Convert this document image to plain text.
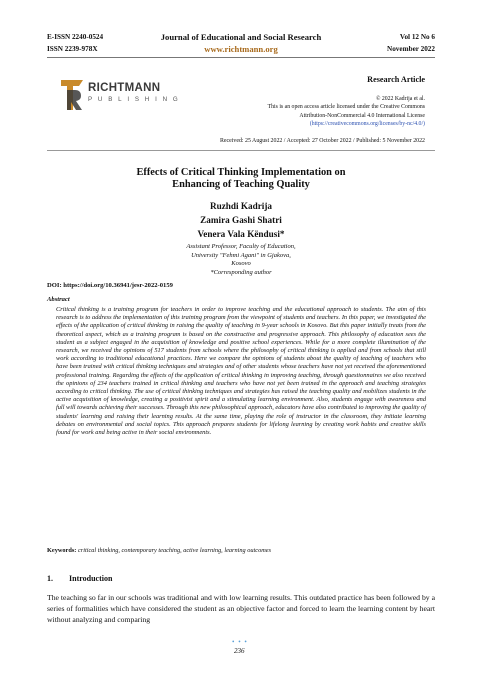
E-ISSN 2240-0524
ISSN 2239-978X
Journal of Educational and Social Research
www.richtmann.org
Vol 12 No 6
November 2022
RICHTMANN
PUBLISHING
Research Article
© 2022 Kadrija et al.
This is an open access article licensed under the Creative Commons
Attribution-NonCommercial 4.0 International License
(https://creativecommons.org/licenses/by-nc/4.0/)
Received: 25 August 2022 / Accepted: 27 October 2022 / Published: 5 November 2022
Effects of Critical Thinking Implementation on
Enhancing of Teaching Quality
Ruzhdi Kadrija
Zamira Gashi Shatri
Venera Vala Këndusi*
Assistant Professor, Faculty of Education,
University "Fehmi Agani" in Gjakova,
Kosovo
*Corresponding author
DOI: https://doi.org/10.36941/jesr-2022-0159
Abstract
Critical thinking is a training program for teachers in order to improve teaching and the educational approach to students. The aim of this research is to address the implementation of this training program from the viewpoint of students and teachers. In this paper, we investigated the effects of the application of critical thinking in raising the quality of teaching in 9-year schools in Kosovo. But this paper initially treats from the theoretical aspect, which as a training program is based on the constructive and progressive approach. This philosophy of education sees the student as a subject engaged in the acquisition of knowledge and positive school experiences. While for a more complete illumination of the research, we received the opinions of 517 students from schools where the philosophy of critical thinking is applied and from schools that still work according to traditional educational practices. Here we compare the opinions of students about the quality of teaching of teachers who have been trained with critical thinking techniques and strategies and of other students whose teachers have not yet received the aforementioned professional training. Regarding the effects of the application of critical thinking in improving teaching, through questionnaires we also received the opinions of 234 teachers trained in critical thinking and teachers who have not yet been trained in the approach and teaching strategies according to critical thinking. The use of critical thinking techniques and strategies has raised the teaching quality and mobilizes students in the active acquisition of knowledge, creating a positivist spirit and a stimulating learning environment. Also, students engage with awareness and full will towards achieving their successes. Through this new philosophical approach, educators have also contributed to improving the quality of students' learning and raising their learning results. At the same time, playing the role of instructor in the classroom, they initiate learning debates on environmental and social topics. This approach prepares students for lifelong learning by creating work habits and creative skills found for work and being active in their social environments.
Keywords: critical thinking, contemporary teaching, active learning, learning outcomes
1. Introduction
The teaching so far in our schools was traditional and with low learning results. This outdated practice has been followed by a series of formalities which have considered the student as an objective factor and forced to learn the learning content by heart without analyzing and comparing
• • •
236
